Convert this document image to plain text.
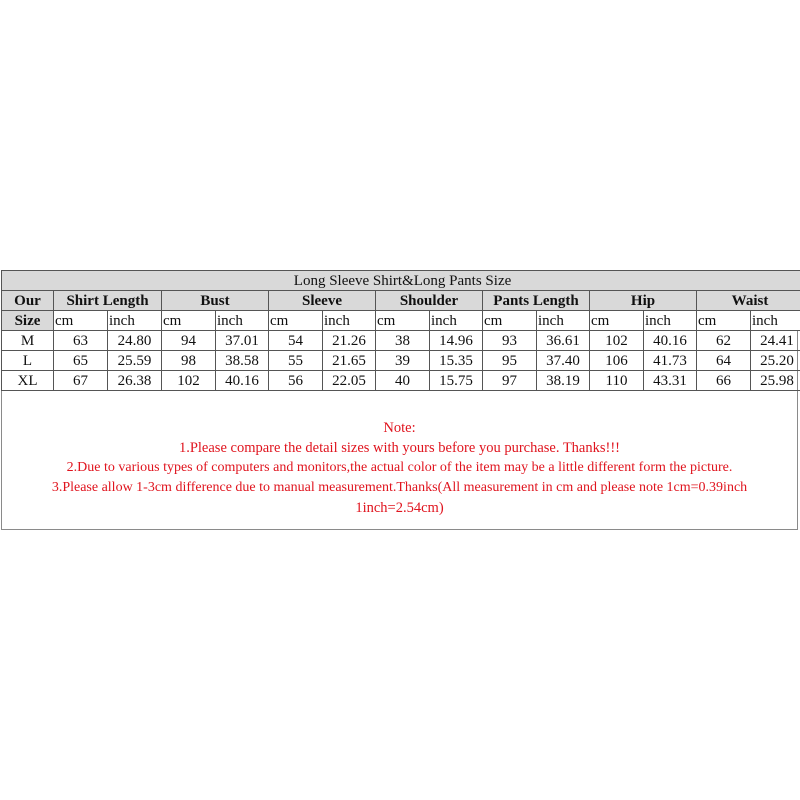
Long Sleeve Shirt&Long Pants Size														
Our	Shirt Length		Bust		Sleeve		Shoulder		Pants Length		Hip		Waist	
Size	cm	inch	cm	inch	cm	inch	cm	inch	cm	inch	cm	inch	cm	inch
M	63	24.80	94	37.01	54	21.26	38	14.96	93	36.61	102	40.16	62	24.41
L	65	25.59	98	38.58	55	21.65	39	15.35	95	37.40	106	41.73	64	25.20
XL	67	26.38	102	40.16	56	22.05	40	15.75	97	38.19	110	43.31	66	25.98
Note:
1.Please compare the detail sizes with yours before you purchase. Thanks!!!
2.Due to various types of computers and monitors,the actual color of the item may be a little different form the picture.
3.Please allow 1-3cm difference due to manual measurement.Thanks(All measurement in cm and please note 1cm=0.39inch
1inch=2.54cm)
